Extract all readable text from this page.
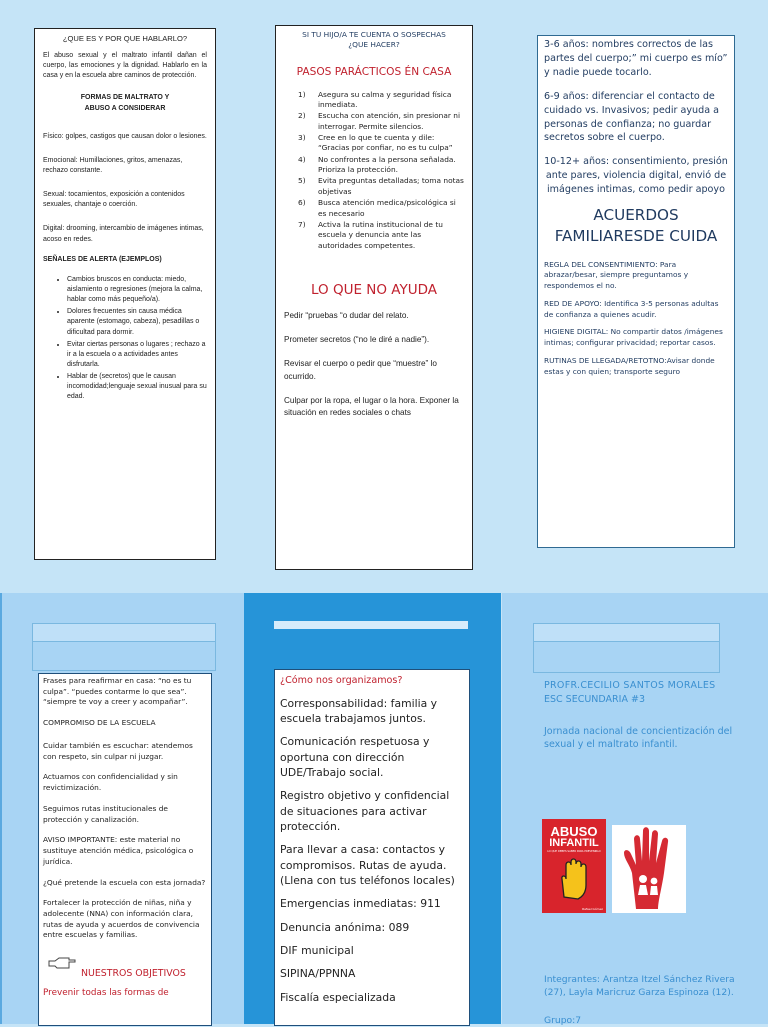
¿QUE ES Y POR QUE HABLARLO?

El abuso sexual y el maltrato infantil dañan el cuerpo, las emociones y la dignidad. Hablarlo en la casa y en la escuela abre caminos de protección.

FORMAS DE MALTRATO Y

ABUSO A CONSIDERAR

Físico: golpes, castigos que causan dolor o lesiones.

Emocional: Humillaciones, gritos, amenazas, rechazo constante.

Sexual: tocamientos, exposición a contenidos sexuales, chantaje o coerción.

Digital: drooming, intercambio de imágenes intimas, acoso en redes.

SEÑALES DE ALERTA (EJEMPLOS)

• Cambios bruscos en conducta: miedo, aislamiento o regresiones (mejora la calma, hablar como más pequeño/a).
• Dolores frecuentes sin causa médica aparente (estomago, cabeza), pesadillas o dificultad para dormir.
• Evitar ciertas personas o lugares ; rechazo a ir a la escuela o a actividades antes disfrutarla.
• Hablar de (secretos) que le causan incomodidad;lenguaje sexual inusual para su edad.

SI TU HIJO/A TE CUENTA O SOSPECHAS

¿QUE HACER?

PASOS PARÁCTICOS ÉN CASA

1) Asegura su calma y seguridad física inmediata.
2) Escucha con atención, sin presionar ni interrogar. Permite silencios.
3) Cree en lo que te cuenta y dile: “Gracias por confiar, no es tu culpa”
4) No confrontes a la persona señalada. Prioriza la protección.
5) Evita preguntas detalladas; toma notas objetivas
6) Busca atención medica/psicológica si es necesario
7) Activa la rutina institucional de tu escuela y denuncia ante las autoridades competentes.

LO QUE NO AYUDA

Pedir “pruebas “o dudar del relato.

Prometer secretos (“no le diré a nadie”).

Revisar el cuerpo o pedir que “muestre” lo ocurrido.

Culpar por la ropa, el lugar o la hora. Exponer la situación en redes sociales o chats

3-6 años: nombres correctos de las partes del cuerpo;” mi cuerpo es mío” y nadie puede tocarlo.

6-9 años: diferenciar el contacto de cuidado vs. Invasivos; pedir ayuda a personas de confianza; no guardar secretos sobre el cuerpo.

10-12+ años: consentimiento, presión ante pares, violencia digital, envió de imágenes intimas, como pedir apoyo

ACUERDOS

FAMILIARESDE CUIDA

REGLA DEL CONSENTIMIENTO: Para abrazar/besar, siempre preguntamos y respondemos el no.

RED DE APOYO: Identifica 3-5 personas adultas de confianza a quienes acudir.

HIGIENE DIGITAL: No compartir datos /imágenes intimas; configurar privacidad; reportar casos.

RUTINAS DE LLEGADA/RETOTNO:Avisar donde estas y con quien; transporte seguro

Frases para reafirmar en casa: “no es tu culpa”. “puedes contarme lo que sea”. “siempre te voy a creer y acompañar”.

COMPROMISO DE LA ESCUELA

Cuidar también es escuchar: atendemos con respeto, sin culpar ni juzgar.

Actuamos con confidencialidad y sin revictimización.

Seguimos rutas institucionales de protección y canalización.

AVISO IMPORTANTE: este material no sustituye atención médica, psicológica o jurídica.

¿Qué pretende la escuela con esta jornada?

Fortalecer la protección de niñas, niña y adolecente (NNA) con información clara, rutas de ayuda y acuerdos de convivencia entre escuelas y familias.

NUESTROS OBJETIVOS

Prevenir todas las formas de

¿Cómo nos organizamos?

Corresponsabilidad: familia y escuela trabajamos juntos.

Comunicación respetuosa y oportuna con dirección UDE/Trabajo social.

Registro objetivo y confidencial de situaciones para activar protección.

Para llevar a casa: contactos y compromisos. Rutas de ayuda. (Llena con tus teléfonos locales)

Emergencias inmediatas: 911

Denuncia anónima: 089

DIF municipal

SIPINA/PPNNA

Fiscalía especializada

PROFR.CECILIO SANTOS MORALES

ESC SECUNDARIA #3

Jornada nacional de concientización del sexual y el maltrato infantil.

ABUSO
INFANTIL
LO QUE DEBES SABER PARA PREVENIRLO
Rafael Gómez

Integrantes: Arantza Itzel Sánchez Rivera (27), Layla Maricruz Garza Espinoza (12).

Grupo:7
